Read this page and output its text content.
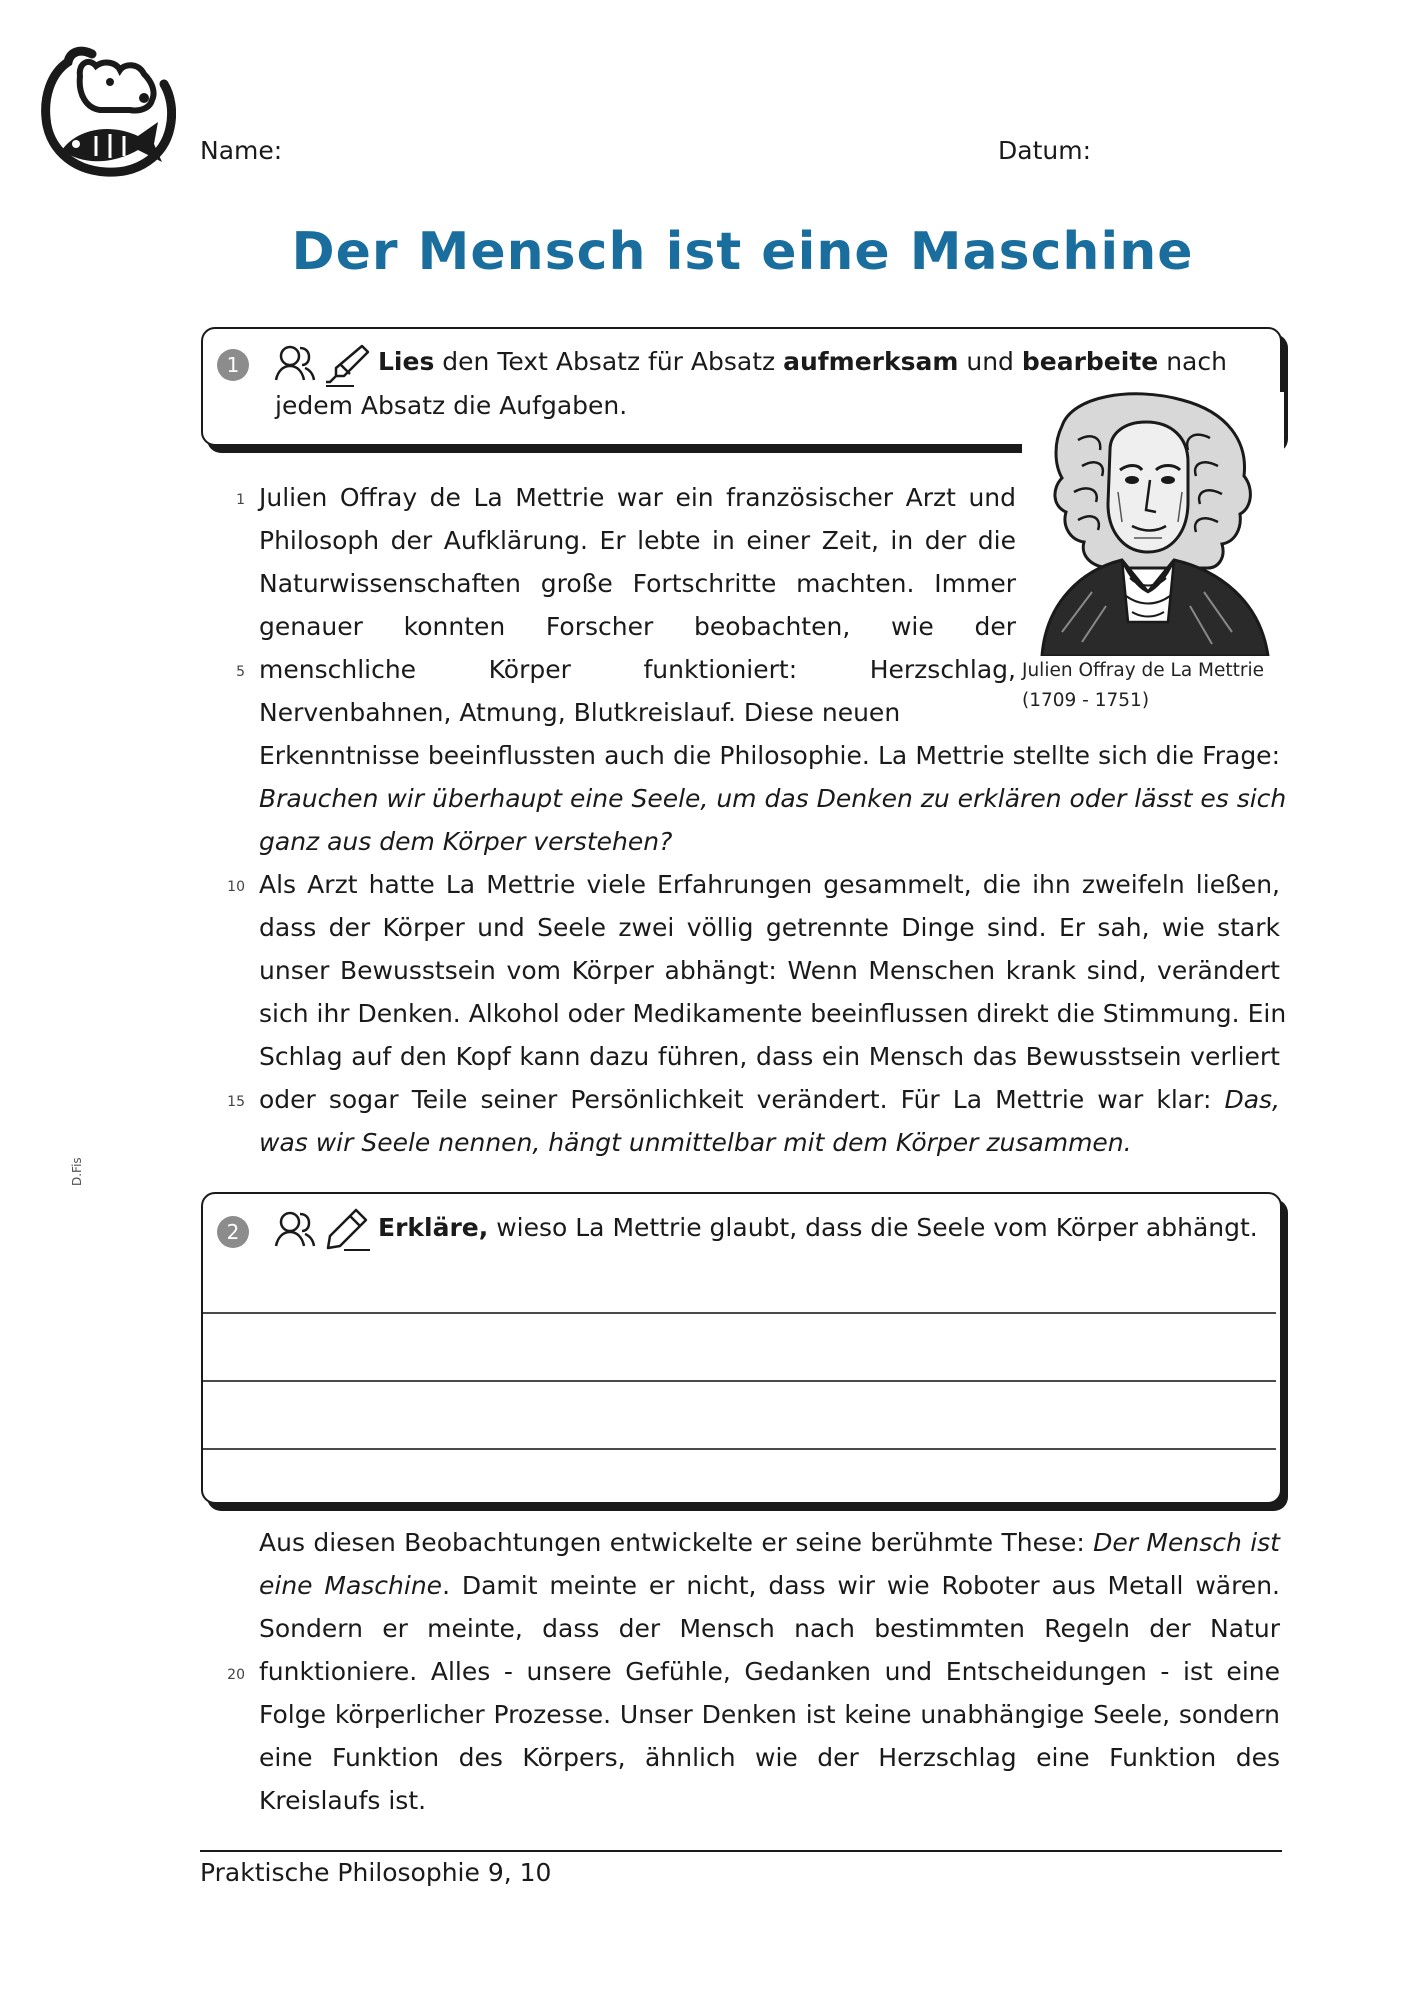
Name:	Datum:
Der Mensch ist eine Maschine
1	Lies den Text Absatz für Absatz aufmerksam und bearbeite nach
jedem Absatz die Aufgaben.
Julien Offray de La Mettrie
(1709 - 1751)
1
5
10
15
Julien Offray de La Mettrie war ein französischer Arzt und
Philosoph der Aufklärung. Er lebte in einer Zeit, in der die
Naturwissenschaften große Fortschritte machten. Immer
genauer konnten Forscher beobachten, wie der
menschliche Körper funktioniert: Herzschlag,
Nervenbahnen, Atmung, Blutkreislauf. Diese neuen
Erkenntnisse beeinflussten auch die Philosophie. La Mettrie stellte sich die Frage:
Brauchen wir überhaupt eine Seele, um das Denken zu erklären oder lässt es sich
ganz aus dem Körper verstehen?
Als Arzt hatte La Mettrie viele Erfahrungen gesammelt, die ihn zweifeln ließen,
dass der Körper und Seele zwei völlig getrennte Dinge sind. Er sah, wie stark
unser Bewusstsein vom Körper abhängt: Wenn Menschen krank sind, verändert
sich ihr Denken. Alkohol oder Medikamente beeinflussen direkt die Stimmung. Ein
Schlag auf den Kopf kann dazu führen, dass ein Mensch das Bewusstsein verliert
oder sogar Teile seiner Persönlichkeit verändert. Für La Mettrie war klar: Das,
was wir Seele nennen, hängt unmittelbar mit dem Körper zusammen.
2	Erkläre, wieso La Mettrie glaubt, dass die Seele vom Körper abhängt.
20
Aus diesen Beobachtungen entwickelte er seine berühmte These: Der Mensch ist
eine Maschine. Damit meinte er nicht, dass wir wie Roboter aus Metall wären.
Sondern er meinte, dass der Mensch nach bestimmten Regeln der Natur
funktioniere. Alles - unsere Gefühle, Gedanken und Entscheidungen - ist eine
Folge körperlicher Prozesse. Unser Denken ist keine unabhängige Seele, sondern
eine Funktion des Körpers, ähnlich wie der Herzschlag eine Funktion des
Kreislaufs ist.
D.Fis
Praktische Philosophie 9, 10
